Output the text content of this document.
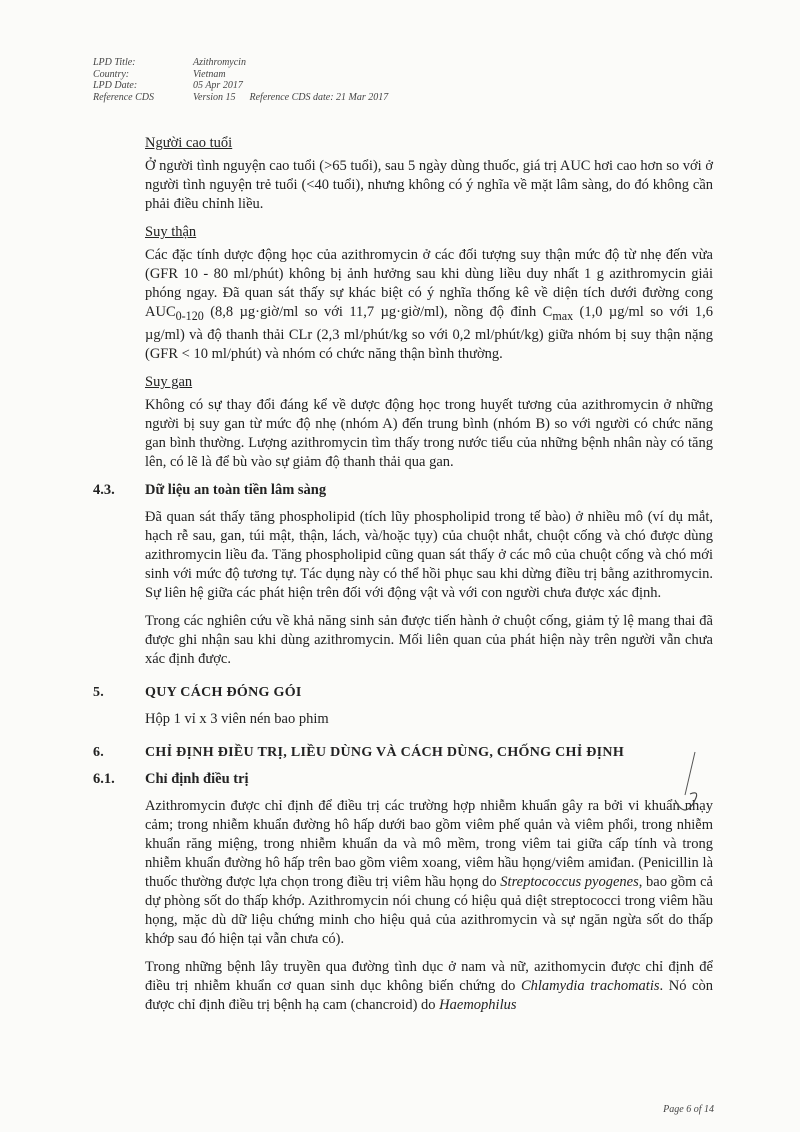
LPD Title:	Azithromycin
Country:	Vietnam
LPD Date:	05 Apr 2017
Reference CDS	Version 15 Reference CDS date: 21 Mar 2017
Người cao tuổi

Ở người tình nguyện cao tuổi (>65 tuổi), sau 5 ngày dùng thuốc, giá trị AUC hơi cao hơn so với ở người tình nguyện trẻ tuổi (<40 tuổi), nhưng không có ý nghĩa về mặt lâm sàng, do đó không cần phải điều chỉnh liều.

Suy thận

Các đặc tính dược động học của azithromycin ở các đối tượng suy thận mức độ từ nhẹ đến vừa (GFR 10 - 80 ml/phút) không bị ảnh hưởng sau khi dùng liều duy nhất 1 g azithromycin giải phóng ngay. Đã quan sát thấy sự khác biệt có ý nghĩa thống kê về diện tích dưới đường cong $AUC_{0-120}$ (8,8 µg·giờ/ml so với 11,7 µg·giờ/ml), nồng độ đỉnh $C_{max}$ (1,0 µg/ml so với 1,6 µg/ml) và độ thanh thải CLr (2,3 ml/phút/kg so với 0,2 ml/phút/kg) giữa nhóm bị suy thận nặng (GFR < 10 ml/phút) và nhóm có chức năng thận bình thường.

Suy gan

Không có sự thay đổi đáng kể về dược động học trong huyết tương của azithromycin ở những người bị suy gan từ mức độ nhẹ (nhóm A) đến trung bình (nhóm B) so với người có chức năng gan bình thường. Lượng azithromycin tìm thấy trong nước tiểu của những bệnh nhân này có tăng lên, có lẽ là để bù vào sự giảm độ thanh thải qua gan.

4.3.	Dữ liệu an toàn tiền lâm sàng

Đã quan sát thấy tăng phospholipid (tích lũy phospholipid trong tế bào) ở nhiều mô (ví dụ mắt, hạch rễ sau, gan, túi mật, thận, lách, và/hoặc tụy) của chuột nhắt, chuột cống và chó được dùng azithromycin liều đa. Tăng phospholipid cũng quan sát thấy ở các mô của chuột cống và chó mới sinh với mức độ tương tự. Tác dụng này có thể hồi phục sau khi dừng điều trị bằng azithromycin. Sự liên hệ giữa các phát hiện trên đối với động vật và với con người chưa được xác định.

Trong các nghiên cứu về khả năng sinh sản được tiến hành ở chuột cống, giảm tỷ lệ mang thai đã được ghi nhận sau khi dùng azithromycin. Mối liên quan của phát hiện này trên người vẫn chưa xác định được.

5.	QUY CÁCH ĐÓNG GÓI

Hộp 1 vỉ x 3 viên nén bao phim

6.	CHỈ ĐỊNH ĐIỀU TRỊ, LIỀU DÙNG VÀ CÁCH DÙNG, CHỐNG CHỈ ĐỊNH
6.1.	Chỉ định điều trị

Azithromycin được chỉ định để điều trị các trường hợp nhiễm khuẩn gây ra bởi vi khuẩn nhạy cảm; trong nhiễm khuẩn đường hô hấp dưới bao gồm viêm phế quản và viêm phổi, trong nhiễm khuẩn răng miệng, trong nhiễm khuẩn da và mô mềm, trong viêm tai giữa cấp tính và trong nhiễm khuẩn đường hô hấp trên bao gồm viêm xoang, viêm hầu họng/viêm amiđan. (Penicillin là thuốc thường được lựa chọn trong điều trị viêm hầu họng do Streptococcus pyogenes, bao gồm cả dự phòng sốt do thấp khớp. Azithromycin nói chung có hiệu quả diệt streptococci trong viêm hầu họng, mặc dù dữ liệu chứng minh cho hiệu quả của azithromycin và sự ngăn ngừa sốt do thấp khớp sau đó hiện tại vẫn chưa có).

Trong những bệnh lây truyền qua đường tình dục ở nam và nữ, azithomycin được chỉ định để điều trị nhiễm khuẩn cơ quan sinh dục không biến chứng do Chlamydia trachomatis. Nó còn được chỉ định điều trị bệnh hạ cam (chancroid) do Haemophilus

Page 6 of 14
